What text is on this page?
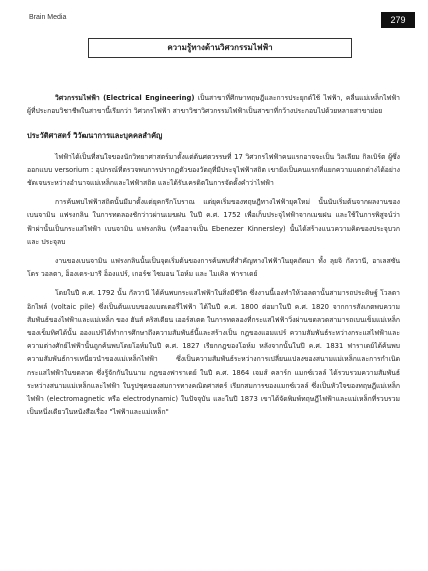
Brain Media	279
ความรู้ทางด้านวิศวกรรมไฟฟ้า

วิศวกรรมไฟฟ้า (Electrical Engineering) เป็นสาขาที่ศึกษาทฤษฎีและการประยุกต์ใช้ ไฟฟ้า, คลื่นแม่เหล็กไฟฟ้า ผู้ที่ประกอบวิชาชีพในสาขานี้เรียกว่า วิศวกรไฟฟ้า สาขาวิชาวิศวกรรมไฟฟ้าเป็นสาขาที่กว้างประกอบไปด้วยหลายสาขาย่อย

ประวัติศาสตร์ วิวัฒนาการและบุคคลสำคัญ

ไฟฟ้าได้เป็นที่สนใจของนักวิทยาศาสตร์มาตั้งแต่ต้นศตวรรษที่ 17 วิศวกรไฟฟ้าคนแรกอาจจะเป็น วิลเลียม กิลเบิร์ต ผู้ซึ่งออกแบบ versorium : อุปกรณ์ที่ตรวจพบการปรากฏตัวของวัตถุที่มีประจุไฟฟ้าสถิต เขายังเป็นคนแรกที่แยกความแตกต่างได้อย่างชัดเจนระหว่างอำนาจแม่เหล็กและไฟฟ้าสถิต และได้รับเครดิตในการจัดตั้งคำว่าไฟฟ้า

การค้นพบไฟฟ้าสถิตนั้นมีมาตั้งแต่ยุคกรีกโบราณ แต่ยุคเริ่มของทฤษฎีทางไฟฟ้ายุคใหม่ นั้นนับเริ่มต้นจากผลงานของ เบนจามิน แฟรงกลิน ในการทดลองชักว่าวผ่านเมฆฝน ในปี ค.ศ. 1752 เพื่อเก็บประจุไฟฟ้าจากเมฆฝน และใช้ในการพิสูจน์ว่าฟ้าผ่านั้นเป็นกระแสไฟฟ้า เบนจามิน แฟรงกลิน (หรืออาจเป็น Ebenezer Kinnersley) นั้นได้สร้างแนวความคิดของประจุบวก และ ประจุลบ

งานของเบนจามิน แฟรงกลินนั้นเป็นจุดเริ่มต้นของการค้นพบที่สำคัญทางไฟฟ้าในยุคถัดมา ทั้ง ลุยจิ กัลวานี, อาเลสซันโดร วอลตา, อ็องเดร-มารี อ็องแปร์, เกอร์ช ไซมอน โอห์ม และ ไมเคิล ฟาราเดย์

โดยในปี ค.ศ. 1792 นั้น กัลวานี ได้ค้นพบกระแสไฟฟ้าในสิ่งมีชีวิต ซึ่งงานนี้เองทำให้วอลตานั้นสามารถประดิษฐ์ โวลตาอิกไพล์ (voltaic pile) ซึ่งเป็นต้นแบบของแบตเตอรี่ไฟฟ้า ได้ในปี ค.ศ. 1800 ต่อมาในปี ค.ศ. 1820 จากการสังเกตพบความสัมพันธ์ของไฟฟ้าและแม่เหล็ก ของ ฮันส์ คริสเตียน เออร์สเตด ในการทดลองที่กระแสไฟฟ้าวิ่งผ่านขดลวดสามารถเบนเข็มแม่เหล็กของเข็มทิศได้นั้น อองแปร์ได้ทำการศึกษาถึงความสัมพันธ์นี้และสร้างเป็น กฎของแอมแปร์ ความสัมพันธ์ระหว่างกระแสไฟฟ้าและความต่างศักย์ไฟฟ้านั้นถูกค้นพบโดยโอห์มในปี ค.ศ. 1827 เรียกกฎของโอห์ม หลังจากนั้นในปี ค.ศ. 1831 ฟาราเดย์ได้ค้นพบความสัมพันธ์การเหนี่ยวนำของแม่เหล็กไฟฟ้า ซึ่งเป็นความสัมพันธ์ระหว่างการเปลี่ยนแปลงของสนามแม่เหล็กและการกำเนิดกระแสไฟฟ้าในขดลวด ซึ่งรู้จักกันในนาม กฎของฟาราเดย์ ในปี ค.ศ. 1864 เจมส์ คลาร์ก แมกซ์เวลล์ ได้รวบรวมความสัมพันธ์ระหว่างสนามแม่เหล็กและไฟฟ้า ในรูปชุดของสมการทางคณิตศาสตร์ เรียกสมการของแมกซ์เวลล์ ซึ่งเป็นหัวใจของทฤษฎีแม่เหล็กไฟฟ้า (electromagnetic หรือ electrodynamic) ในปัจจุบัน และในปี 1873 เขาได้จัดพิมพ์ทฤษฎีไฟฟ้าและแม่เหล็กที่รวบรวมเป็นหนึ่งเดียวในหนังสือเรื่อง "ไฟฟ้าและแม่เหล็ก"
